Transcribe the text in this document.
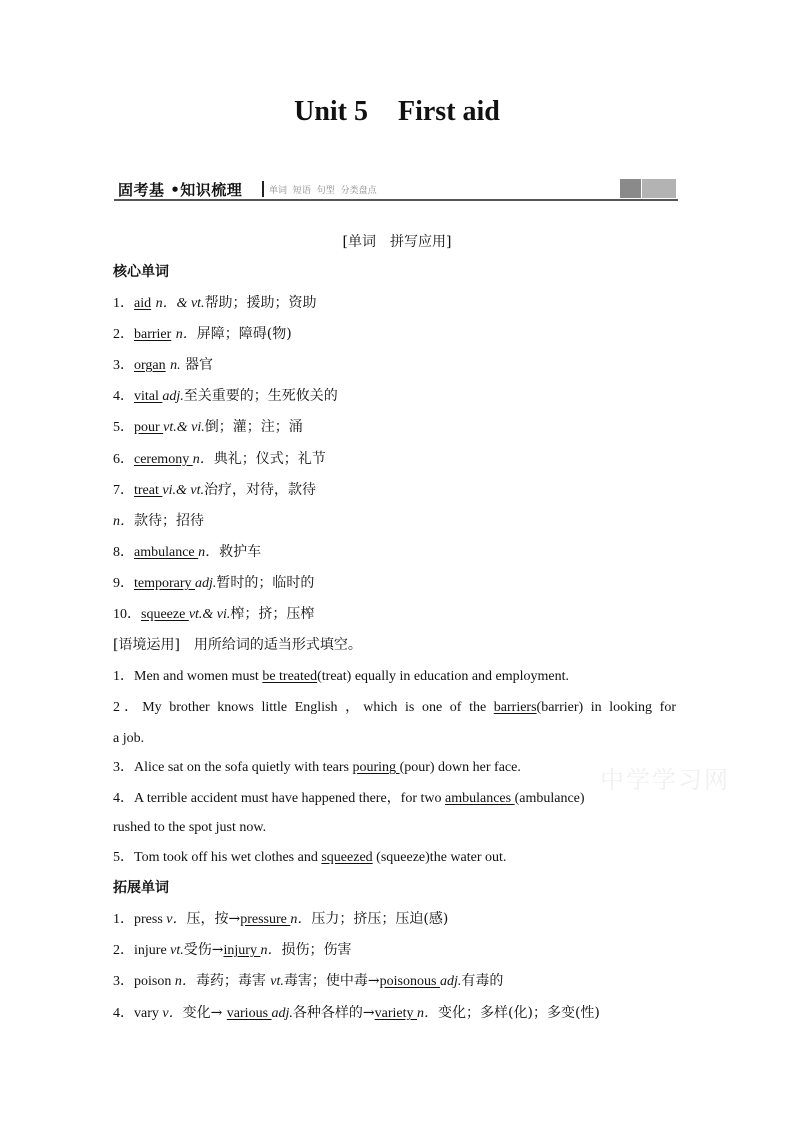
Unit 5 First aid
固考基 •知识梳理	单词 短语 句型 分类盘点
[单词　拼写应用]
核心单词
1．aid n．& vt.帮助；援助；资助
2．barrier n．屏障；障碍(物)
3．organ n. 器官
4．vital adj.至关重要的；生死攸关的
5．pour vt.& vi.倒；灌；注；涌
6．ceremony n．典礼；仪式；礼节
7．treat vi.& vt.治疗，对待，款待
n．款待；招待
8．ambulance n．救护车
9．temporary adj.暂时的；临时的
10．squeeze vt.& vi.榨；挤；压榨
[语境运用]　用所给词的适当形式填空。
1．Men and women must be treated(treat) equally in education and employment.
2．My brother knows little English ，which is one of the barriers(barrier) in looking for
a job.
3．Alice sat on the sofa quietly with tears pouring (pour) down her face.
4．A terrible accident must have happened there，for two ambulances (ambulance)
rushed to the spot just now.
5．Tom took off his wet clothes and squeezed (squeeze)the water out.
拓展单词
1．press v．压，按→pressure n．压力；挤压；压迫(感)
2．injure vt.受伤→injury n．损伤；伤害
3．poison n．毒药；毒害 vt.毒害；使中毒→poisonous adj.有毒的
4．vary v．变化→ various adj.各种各样的→variety n．变化；多样(化)；多变(性)
中学学习网
